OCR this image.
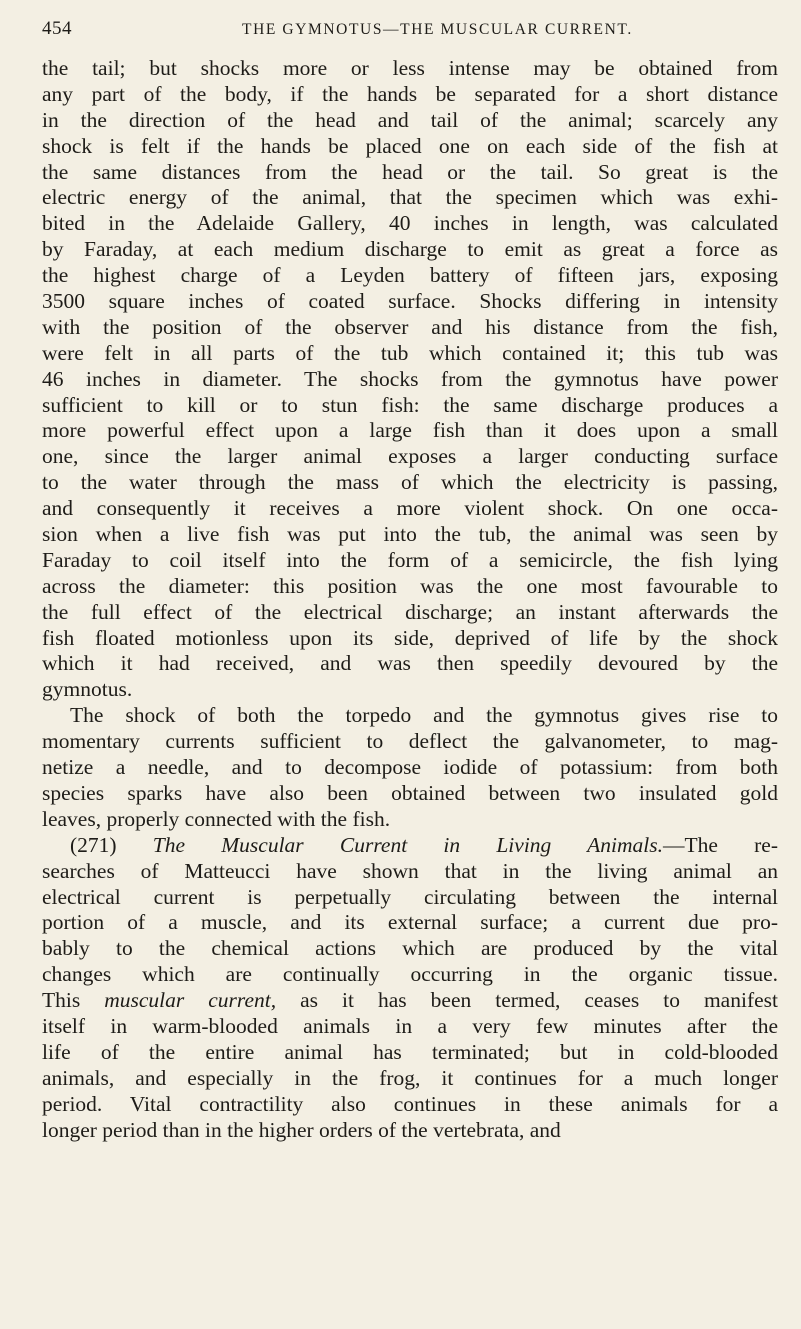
454	THE GYMNOTUS—THE MUSCULAR CURRENT.
the tail; but shocks more or less intense may be obtained from
any part of the body, if the hands be separated for a short distance
in the direction of the head and tail of the animal; scarcely any
shock is felt if the hands be placed one on each side of the fish at
the same distances from the head or the tail. So great is the
electric energy of the animal, that the specimen which was exhi-
bited in the Adelaide Gallery, 40 inches in length, was calculated
by Faraday, at each medium discharge to emit as great a force as
the highest charge of a Leyden battery of fifteen jars, exposing
3500 square inches of coated surface. Shocks differing in intensity
with the position of the observer and his distance from the fish,
were felt in all parts of the tub which contained it; this tub was
46 inches in diameter. The shocks from the gymnotus have power
sufficient to kill or to stun fish: the same discharge produces a
more powerful effect upon a large fish than it does upon a small
one, since the larger animal exposes a larger conducting surface
to the water through the mass of which the electricity is passing,
and consequently it receives a more violent shock. On one occa-
sion when a live fish was put into the tub, the animal was seen by
Faraday to coil itself into the form of a semicircle, the fish lying
across the diameter: this position was the one most favourable to
the full effect of the electrical discharge; an instant afterwards the
fish floated motionless upon its side, deprived of life by the shock
which it had received, and was then speedily devoured by the
gymnotus.
The shock of both the torpedo and the gymnotus gives rise to
momentary currents sufficient to deflect the galvanometer, to mag-
netize a needle, and to decompose iodide of potassium: from both
species sparks have also been obtained between two insulated gold
leaves, properly connected with the fish.
(271) The Muscular Current in Living Animals.—The re-
searches of Matteucci have shown that in the living animal an
electrical current is perpetually circulating between the internal
portion of a muscle, and its external surface; a current due pro-
bably to the chemical actions which are produced by the vital
changes which are continually occurring in the organic tissue.
This muscular current, as it has been termed, ceases to manifest
itself in warm-blooded animals in a very few minutes after the
life of the entire animal has terminated; but in cold-blooded
animals, and especially in the frog, it continues for a much longer
period. Vital contractility also continues in these animals for a
longer period than in the higher orders of the vertebrata, and
